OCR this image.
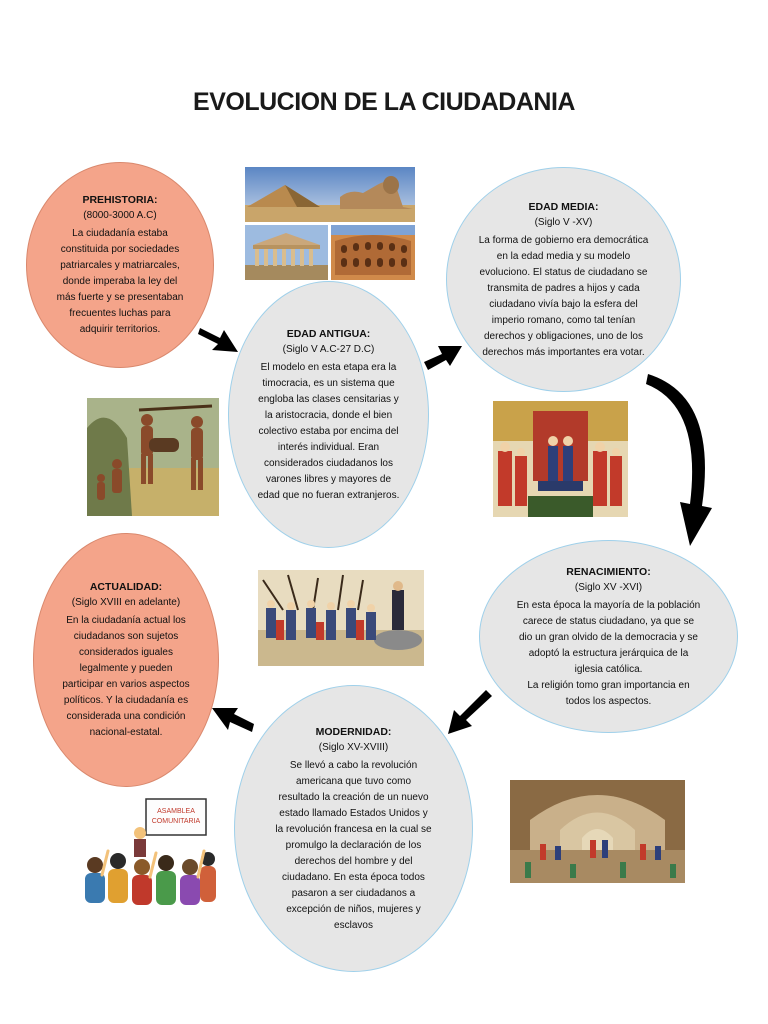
EVOLUCION DE LA CIUDADANIA
ASAMBLEA
COMUNITARIA
PREHISTORIA:
(8000-3000 A.C)
La ciudadanía estaba constituida por sociedades patriarcales y matriarcales, donde imperaba la ley del más fuerte y se presentaban frecuentes luchas para adquirir territorios.	EDAD ANTIGUA:
(Siglo V A.C-27 D.C)
El modelo en esta etapa era la timocracia, es un sistema que engloba las clases censitarias y la aristocracia, donde el bien colectivo estaba por encima del interés individual. Eran considerados ciudadanos los varones libres y mayores de edad que no fueran extranjeros.
EDAD MEDIA:
(Siglo V -XV)
La forma de gobierno era democrática en la edad media y su modelo evoluciono. El status de ciudadano se transmita de padres a hijos y cada ciudadano vivía bajo la esfera del imperio romano, como tal tenían derechos y obligaciones, uno de los derechos más importantes era votar.
RENACIMIENTO:
(Siglo XV -XVI)
En esta época la mayoría de la población carece de status ciudadano, ya que se dio un gran olvido de la democracia y se adoptó la estructura jerárquica de la iglesia católica.
La religión tomo gran importancia en todos los aspectos.
MODERNIDAD:
(Siglo XV-XVIII)
Se llevó a cabo la revolución americana que tuvo como resultado la creación de un nuevo estado llamado Estados Unidos y la revolución francesa en la cual se promulgo la declaración de los derechos del hombre y del ciudadano. En esta época todos pasaron a ser ciudadanos a excepción de niños, mujeres y esclavos
ACTUALIDAD:
(Siglo XVIII en adelante)
En la ciudadanía actual los ciudadanos son sujetos considerados iguales legalmente y pueden participar en varios aspectos políticos. Y la ciudadanía es considerada una condición nacional-estatal.
